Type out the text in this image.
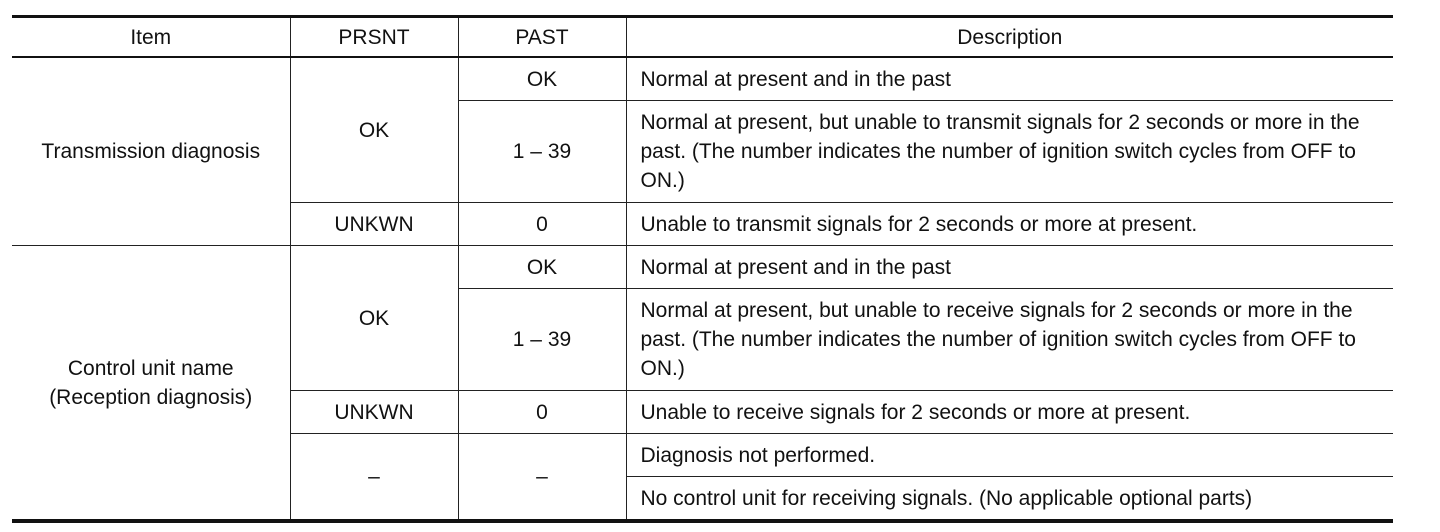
Item	PRSNT	PAST	Description
Transmission diagnosis	OK	OK	Normal at present and in the past
		1 – 39	Normal at present, but unable to transmit signals for 2 seconds or more in the past. (The number indicates the number of ignition switch cycles from OFF to ON.)
	UNKWN	0	Unable to transmit signals for 2 seconds or more at present.

Control unit name
(Reception diagnosis)	OK	OK	Normal at present and in the past
		1 – 39	Normal at present, but unable to receive signals for 2 seconds or more in the past. (The number indicates the number of ignition switch cycles from OFF to ON.)
	UNKWN	0	Unable to receive signals for 2 seconds or more at present.
	–	–	Diagnosis not performed.
			No control unit for receiving signals. (No applicable optional parts)
